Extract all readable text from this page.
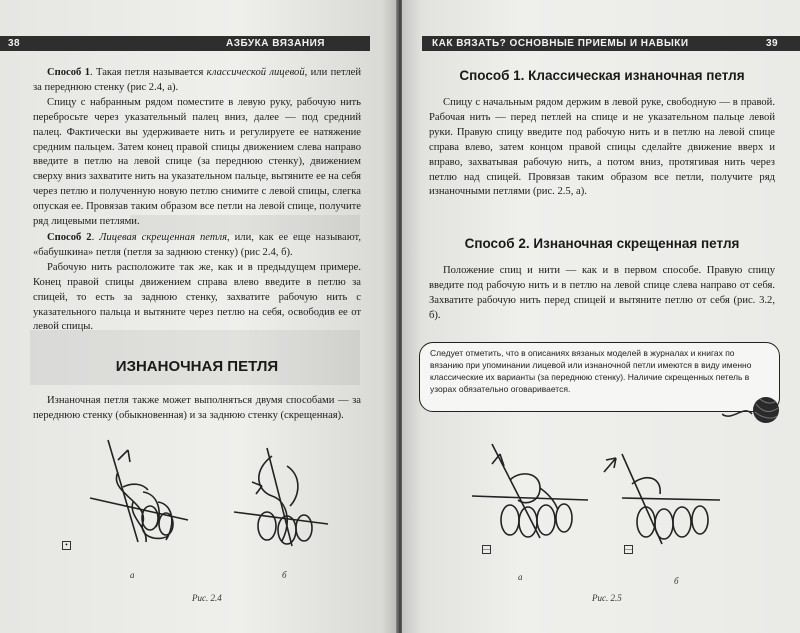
38	АЗБУКА ВЯЗАНИЯ

Способ 1. Такая петля называется классической лицевой, или петлей за переднюю стенку (рис 2.4, а).

Спицу с набранным рядом поместите в левую руку, рабочую нить перебросьте через указательный палец вниз, далее — под средний палец. Фактически вы удерживаете нить и регулируете ее натяжение средним пальцем. Затем конец правой спицы движением слева направо введите в петлю на левой спице (за переднюю стенку), движением сверху вниз захватите нить на указательном пальце, вытяните ее на себя через петлю и полученную новую петлю снимите с левой спицы, слегка опуская ее. Провязав таким образом все петли на левой спице, получите ряд лицевыми петлями.

Способ 2. Лицевая скрещенная петля, или, как ее еще называют, «бабушкина» петля (петля за заднюю стенку) (рис 2.4, б).

Рабочую нить расположите так же, как и в предыдущем примере. Конец правой спицы движением справа влево введите в петлю за спицей, то есть за заднюю стенку, захватите рабочую нить с указательного пальца и вытяните через петлю на себя, освободив ее от левой спицы.

ИЗНАНОЧНАЯ ПЕТЛЯ

Изнаночная петля также может выполняться двумя способами — за переднюю стенку (обыкновенная) и за заднюю стенку (скрещенная).

•
а	б
Рис. 2.4
КАК ВЯЗАТЬ? ОСНОВНЫЕ ПРИЕМЫ И НАВЫКИ	39
Способ 1. Классическая изнаночная петля

Спицу с начальным рядом держим в левой руке, свободную — в правой. Рабочая нить — перед петлей на спице и не указательном пальце левой руки. Правую спицу введите под рабочую нить и в петлю на левой спице справа влево, затем концом правой спицы сделайте движение вверх и вправо, захватывая рабочую нить, а потом вниз, протягивая нить через петлю над спицей. Провязав таким образом все петли, получите ряд изнаночными петлями (рис. 2.5, а).

Способ 2. Изнаночная скрещенная петля

Положение спиц и нити — как и в первом способе. Правую спицу введите под рабочую нить и в петлю на левой спице слева направо от себя. Захватите рабочую нить перед спицей и вытяните петлю от себя (рис. 3.2, б).

Следует отметить, что в описаниях вязаных моделей в журналах и книгах по вязанию при упоминании лицевой или изнаночной петли имеются в виду именно классические их варианты (за переднюю стенку). Наличие скрещенных петель в узорах обязательно оговаривается.
—
а
—
б
Рис. 2.5
